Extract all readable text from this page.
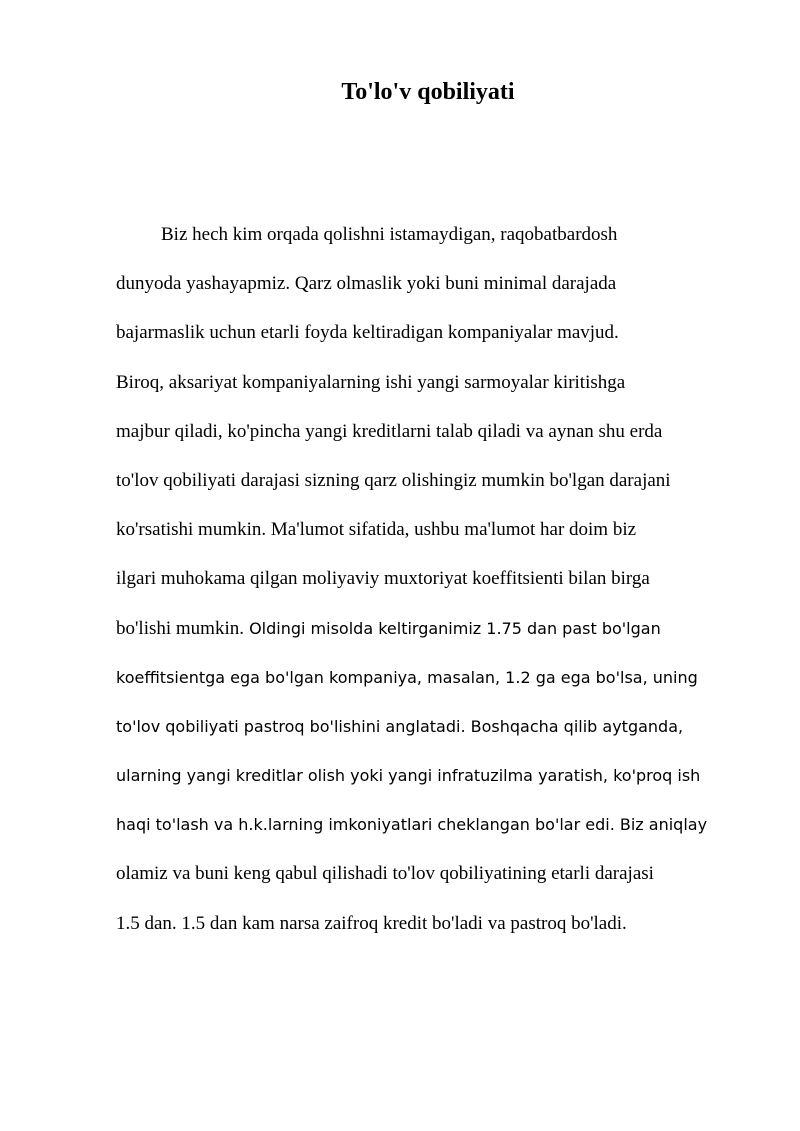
To'lo'v qobiliyati
Biz hech kim orqada qolishni istamaydigan, raqobatbardosh
dunyoda yashayapmiz. Qarz olmaslik yoki buni minimal darajada
bajarmaslik uchun etarli foyda keltiradigan kompaniyalar mavjud.
Biroq, aksariyat kompaniyalarning ishi yangi sarmoyalar kiritishga
majbur qiladi, ko'pincha yangi kreditlarni talab qiladi va aynan shu erda
to'lov qobiliyati darajasi sizning qarz olishingiz mumkin bo'lgan darajani
ko'rsatishi mumkin. Ma'lumot sifatida, ushbu ma'lumot har doim biz
ilgari muhokama qilgan moliyaviy muxtoriyat koeffitsienti bilan birga
bo'lishi mumkin. Oldingi misolda keltirganimiz 1.75 dan past bo'lgan
koeffitsientga ega bo'lgan kompaniya, masalan, 1.2 ga ega bo'lsa, uning
to'lov qobiliyati pastroq bo'lishini anglatadi. Boshqacha qilib aytganda,
ularning yangi kreditlar olish yoki yangi infratuzilma yaratish, ko'proq ish
haqi to'lash va h.k.larning imkoniyatlari cheklangan bo'lar edi. Biz aniqlay
olamiz va buni keng qabul qilishadi to'lov qobiliyatining etarli darajasi
1.5 dan. 1.5 dan kam narsa zaifroq kredit bo'ladi va pastroq bo'ladi.
